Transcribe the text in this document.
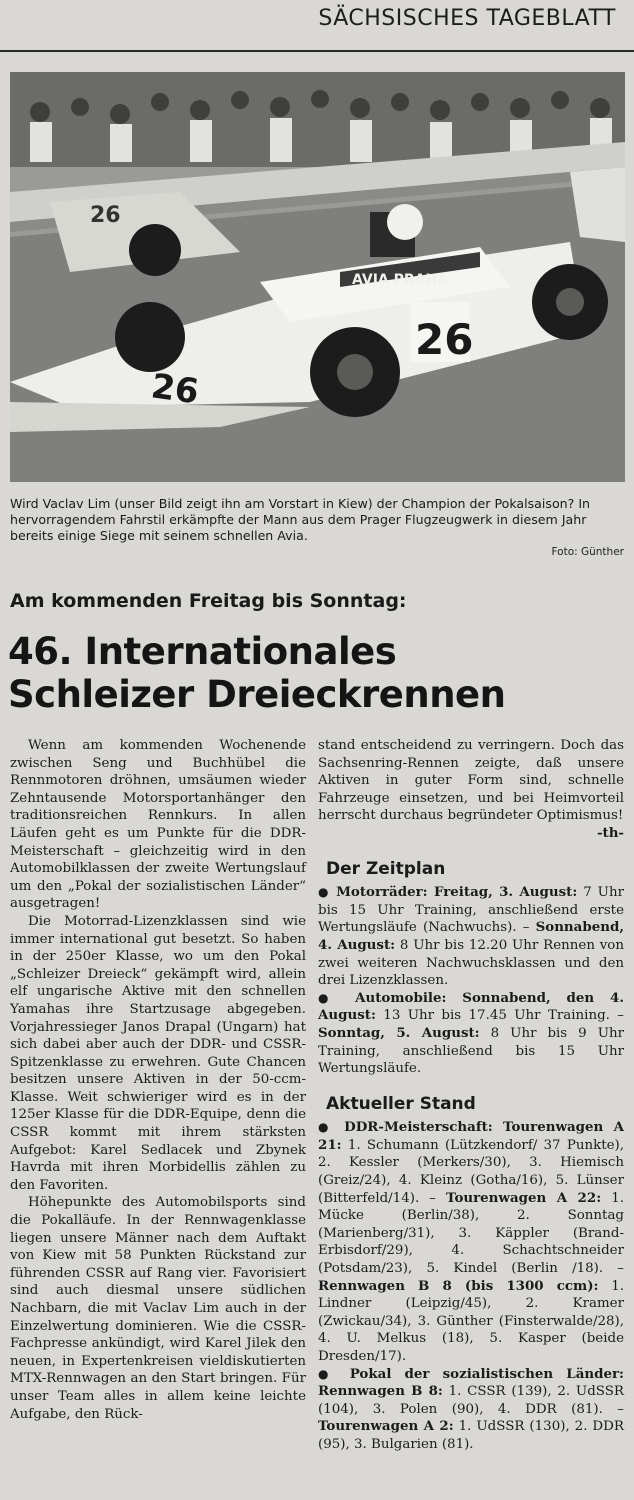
SÄCHSISCHES TAGEBLATT
26
AVIA PRAHA
26
26
Wird Vaclav Lim (unser Bild zeigt ihn am Vorstart in Kiew) der Champion der Pokalsaison? In hervorragendem Fahrstil erkämpfte der Mann aus dem Prager Flugzeugwerk in diesem Jahr bereits einige Siege mit seinem schnellen Avia.
Foto: Günther
Am kommenden Freitag bis Sonntag:
46. Internationales
Schleizer Dreieckrennen

Wenn am kommenden Wochenende zwischen Seng und Buchhübel die Rennmotoren dröhnen, umsäumen wieder Zehntausende Motorsportanhänger den traditionsreichen Rennkurs. In allen Läufen geht es um Punkte für die DDR-Meisterschaft – gleichzeitig wird in den Automobilklassen der zweite Wertungslauf um den „Pokal der sozialistischen Länder“ ausgetragen!

Die Motorrad-Lizenzklassen sind wie immer international gut besetzt. So haben in der 250er Klasse, wo um den Pokal „Schleizer Dreieck“ gekämpft wird, allein elf ungarische Aktive mit den schnellen Yamahas ihre Startzusage abgegeben. Vorjahressieger Janos Drapal (Ungarn) hat sich dabei aber auch der DDR- und CSSR-Spitzenklasse zu erwehren. Gute Chancen besitzen unsere Aktiven in der 50-ccm-Klasse. Weit schwieriger wird es in der 125er Klasse für die DDR-Equipe, denn die CSSR kommt mit ihrem stärksten Aufgebot: Karel Sedlacek und Zbynek Havrda mit ihren Morbidellis zählen zu den Favoriten.

Höhepunkte des Automobilsports sind die Pokalläufe. In der Rennwagenklasse liegen unsere Männer nach dem Auftakt von Kiew mit 58 Punkten Rückstand zur führenden CSSR auf Rang vier. Favorisiert sind auch diesmal unsere südlichen Nachbarn, die mit Vaclav Lim auch in der Einzelwertung dominieren. Wie die CSSR-Fachpresse ankündigt, wird Karel Jilek den neuen, in Expertenkreisen vieldiskutierten MTX-Rennwagen an den Start bringen. Für unser Team alles in allem keine leichte Aufgabe, den Rück-

stand entscheidend zu verringern. Doch das Sachsenring-Rennen zeigte, daß unsere Aktiven in guter Form sind, schnelle Fahrzeuge einsetzen, und bei Heimvorteil herrscht durchaus begründeter Optimismus!

-th-
Der Zeitplan

● Motorräder: Freitag, 3. August: 7 Uhr bis 15 Uhr Training, anschließend erste Wertungsläufe (Nachwuchs). – Sonnabend, 4. August: 8 Uhr bis 12.20 Uhr Rennen von zwei weiteren Nachwuchsklassen und den drei Lizenzklassen.

● Automobile: Sonnabend, den 4. August: 13 Uhr bis 17.45 Uhr Training. – Sonntag, 5. August: 8 Uhr bis 9 Uhr Training, anschließend bis 15 Uhr Wertungsläufe.

Aktueller Stand

● DDR-Meisterschaft: Tourenwagen A 21: 1. Schumann (Lützkendorf/ 37 Punkte), 2. Kessler (Merkers/30), 3. Hiemisch (Greiz/24), 4. Kleinz (Gotha/16), 5. Lünser (Bitterfeld/14). – Tourenwagen A 22: 1. Mücke (Berlin/38), 2. Sonntag (Marienberg/31), 3. Käppler (Brand-Erbisdorf/29), 4. Schachtschneider (Potsdam/23), 5. Kindel (Berlin /18). – Rennwagen B 8 (bis 1300 ccm): 1. Lindner (Leipzig/45), 2. Kramer (Zwickau/34), 3. Günther (Finsterwalde/28), 4. U. Melkus (18), 5. Kasper (beide Dresden/17).

● Pokal der sozialistischen Länder: Rennwagen B 8: 1. CSSR (139), 2. UdSSR (104), 3. Polen (90), 4. DDR (81). – Tourenwagen A 2: 1. UdSSR (130), 2. DDR (95), 3. Bulgarien (81).
